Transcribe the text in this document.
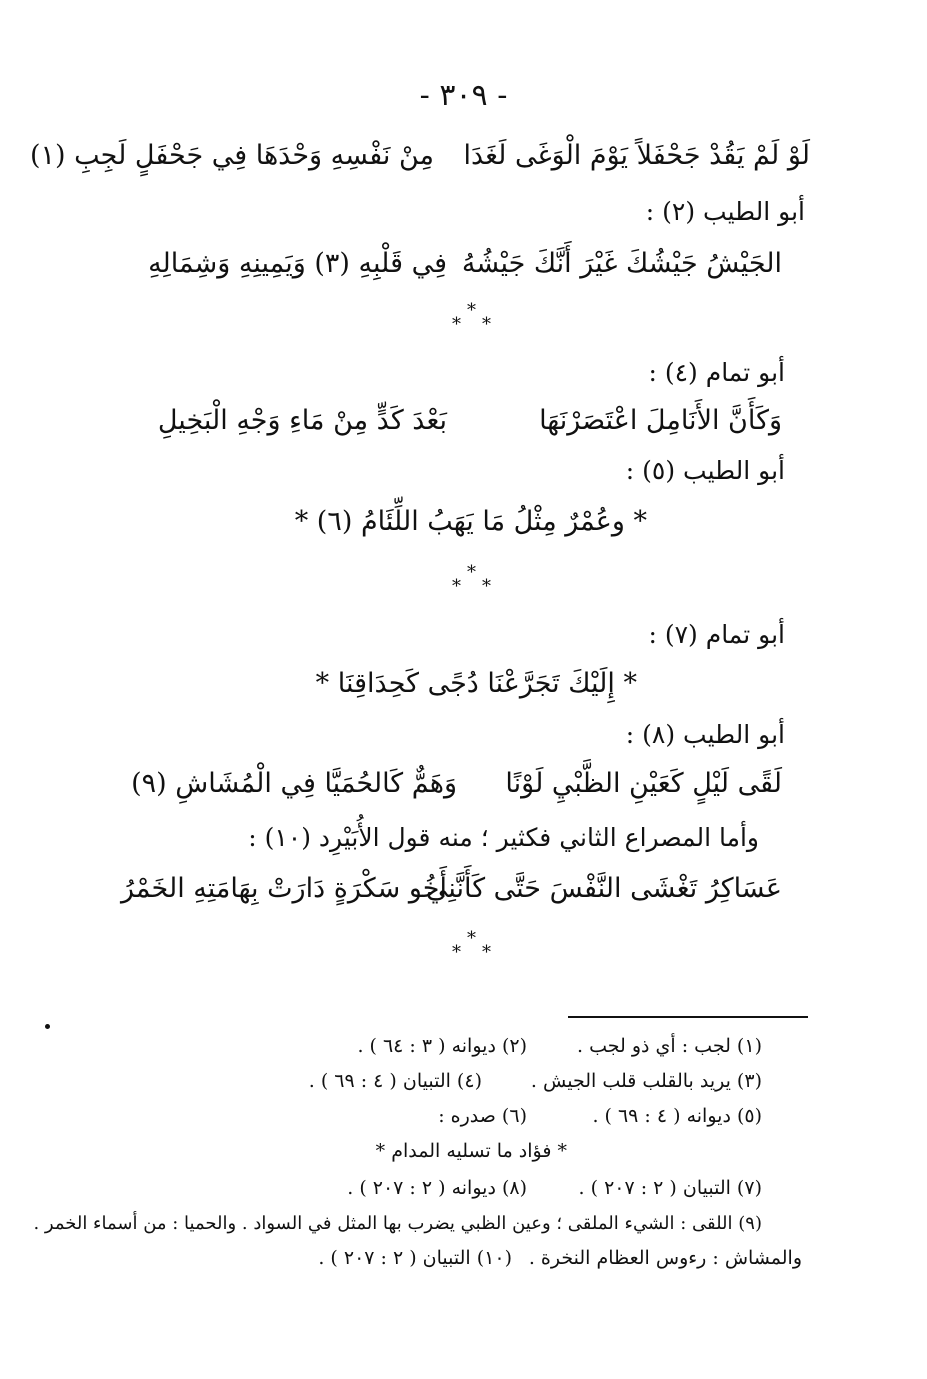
- ٣٠٩ -
لَوْ لَمْ يَقُدْ جَحْفَلاً يَوْمَ الْوَغَى لَغَدَا
مِنْ نَفْسِهِ وَحْدَهَا فِي جَحْفَلٍ لَجِبِ (١)
أبو الطيب (٢) :
الجَيْشُ جَيْشُكَ غَيْرَ أَنَّكَ جَيْشُهُ
فِي قَلْبِهِ (٣) وَيَمِينِهِ وَشِمَالِهِ
*
* *
أبو تمام (٤) :
وَكَأَنَّ الأَنَامِلَ اعْتَصَرْنَهَا
بَعْدَ كَدٍّ مِنْ مَاءِ وَجْهِ الْبَخِيلِ
أبو الطيب (٥) :
* وعُمْرٌ مِثْلُ مَا يَهَبُ اللِّئَامُ (٦) *
*
* *
أبو تمام (٧) :
* إِلَيْكَ تَجَرَّعْنَا دُجًى كَحِدَاقِنَا *
أبو الطيب (٨) :
لَقًى لَيْلٍ كَعَيْنِ الظَّبْيِ لَوْنًا
وَهَمٌّ كَالحُمَيَّا فِي الْمُشَاشِ (٩)
وأما المصراع الثاني فكثير ؛ منه قول الأُبَيْرِد (١٠) :
عَسَاكِرُ تَغْشَى النَّفْسَ حَتَّى كَأَنَّنِي
أَخُو سَكْرَةٍ دَارَتْ بِهَامَتِهِ الخَمْرُ
*
* *
(١) لجب : أي ذو لجب .
(٢) ديوانه ( ٣ : ٦٤ ) .
(٣) يريد بالقلب قلب الجيش .
(٤) التبيان ( ٤ : ٦٩ ) .
(٥) ديوانه ( ٤ : ٦٩ ) .
(٦) صدره :
* فؤاد ما تسليه المدام *
(٧) التبيان ( ٢ : ٢٠٧ ) .
(٨) ديوانه ( ٢ : ٢٠٧ ) .
(٩) اللقى : الشيء الملقى ؛ وعين الظبي يضرب بها المثل في السواد . والحميا : من أسماء الخمر .
والمشاش : رءوس العظام النخرة .
(١٠) التبيان ( ٢ : ٢٠٧ ) .
